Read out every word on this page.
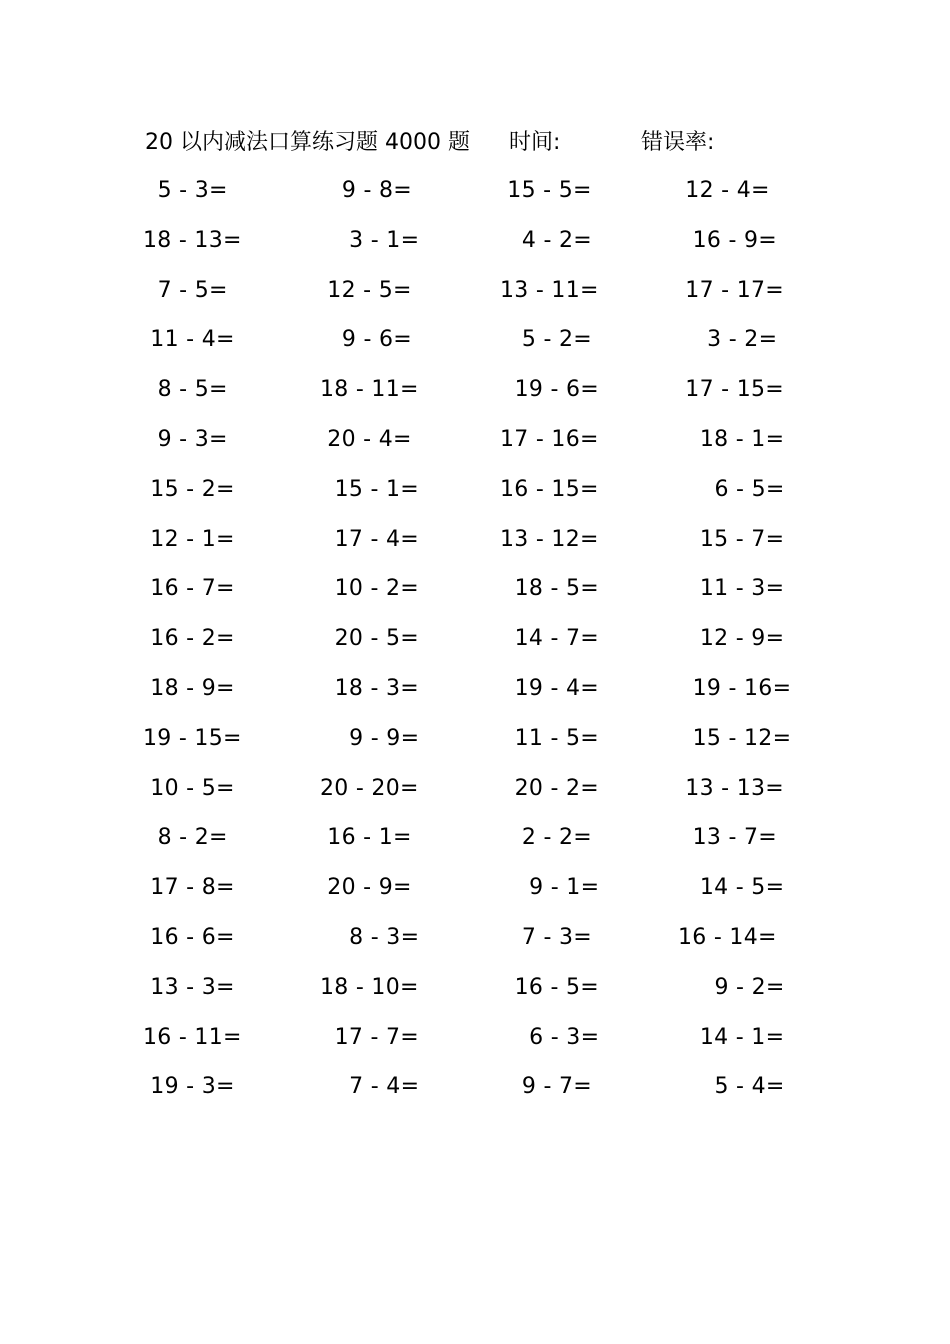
20 以内减法口算练习题 4000 题 时间:	错误率:
5 - 3=	9 - 8=	15 - 5=	12 - 4=
18 - 13=	3 - 1=	4 - 2=	16 - 9=
7 - 5=	12 - 5=	13 - 11=	17 - 17=
11 - 4=	9 - 6=	5 - 2=	3 - 2=
8 - 5=	18 - 11=	19 - 6=	17 - 15=
9 - 3=	20 - 4=	17 - 16=	18 - 1=
15 - 2=	15 - 1=	16 - 15=	6 - 5=
12 - 1=	17 - 4=	13 - 12=	15 - 7=
16 - 7=	10 - 2=	18 - 5=	11 - 3=
16 - 2=	20 - 5=	14 - 7=	12 - 9=
18 - 9=	18 - 3=	19 - 4=	19 - 16=
19 - 15=	9 - 9=	11 - 5=	15 - 12=
10 - 5=	20 - 20=	20 - 2=	13 - 13=
8 - 2=	16 - 1=	2 - 2=	13 - 7=
17 - 8=	20 - 9=	9 - 1=	14 - 5=
16 - 6=	8 - 3=	7 - 3=	16 - 14=
13 - 3=	18 - 10=	16 - 5=	9 - 2=
16 - 11=	17 - 7=	6 - 3=	14 - 1=
19 - 3=	7 - 4=	9 - 7=	5 - 4=
